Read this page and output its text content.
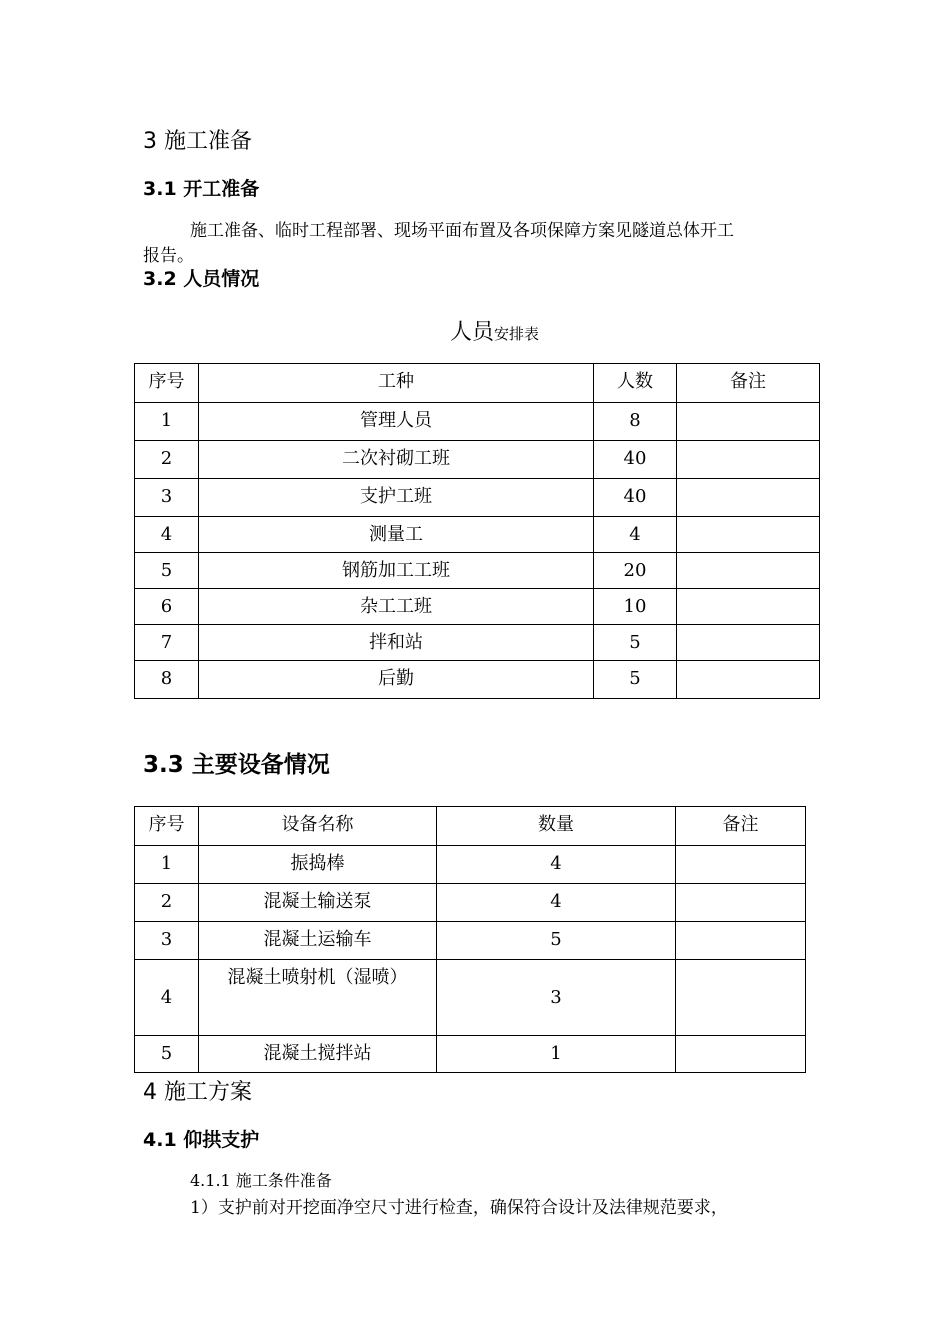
3 施工准备
3.1 开工准备
施工准备、临时工程部署、现场平面布置及各项保障方案见隧道总体开工
报告。
3.2 人员情况
人员安排表
序号	工种	人数	备注
1	管理人员	8	
2	二次衬砌工班	40	
3	支护工班	40	
4	测量工	4	
5	钢筋加工工班	20	
6	杂工工班	10	
7	拌和站	5	
8	后勤	5	
3.3 主要设备情况
序号	设备名称	数量	备注
1	振捣棒	4	
2	混凝土输送泵	4	
3	混凝土运输车	5	
4	混凝土喷射机（湿喷）	3	
5	混凝土搅拌站	1	
4 施工方案
4.1 仰拱支护
4.1.1 施工条件准备
1）支护前对开挖面净空尺寸进行检查，确保符合设计及法律规范要求，
